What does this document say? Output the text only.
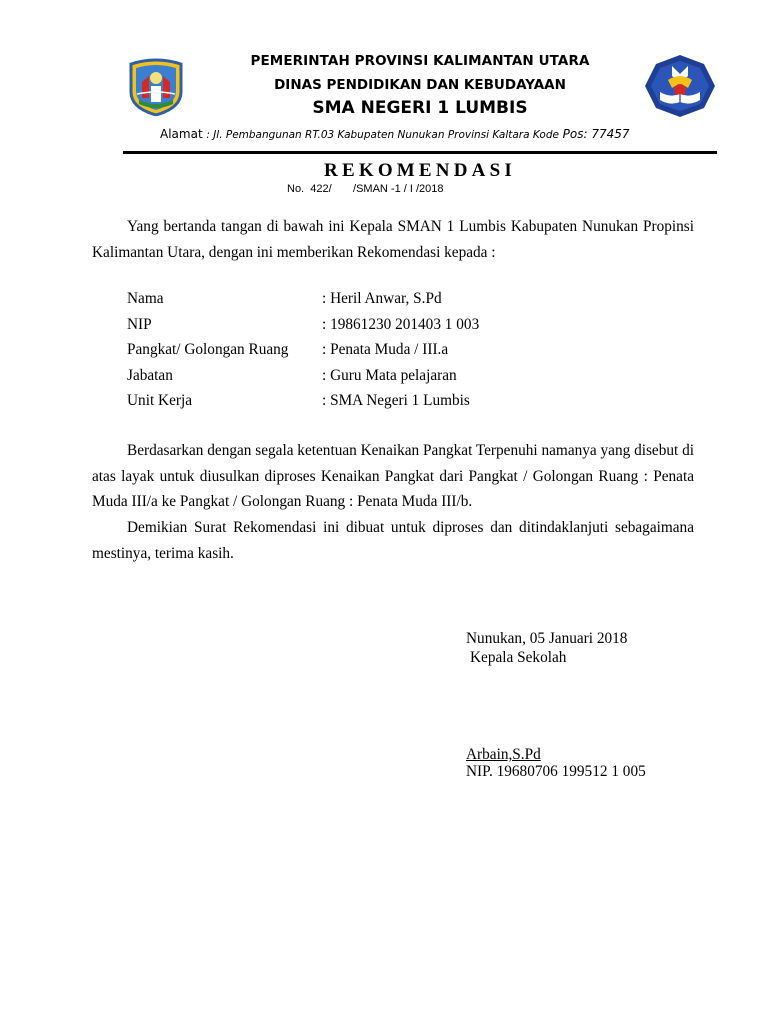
PEMERINTAH PROVINSI KALIMANTAN UTARA
DINAS PENDIDIKAN DAN KEBUDAYAAN
SMA NEGERI 1 LUMBIS
Alamat : Jl. Pembangunan RT.03 Kabupaten Nunukan Provinsi Kaltara Kode Pos: 77457
REKOMENDASI
No.  422/       /SMAN -1 / I /2018
Yang bertanda tangan di bawah ini Kepala SMAN 1 Lumbis Kabupaten Nunukan Propinsi Kalimantan Utara, dengan ini memberikan Rekomendasi kepada :
Nama	: Heril Anwar, S.Pd
NIP	: 19861230 201403 1 003
Pangkat/ Golongan Ruang : Penata Muda / III.a
Jabatan	: Guru Mata pelajaran
Unit Kerja	: SMA Negeri 1 Lumbis
Berdasarkan dengan segala ketentuan Kenaikan Pangkat Terpenuhi namanya yang disebut di atas layak untuk diusulkan diproses Kenaikan Pangkat dari Pangkat / Golongan Ruang : Penata Muda III/a ke Pangkat / Golongan Ruang : Penata Muda III/b.
Demikian Surat Rekomendasi ini dibuat untuk diproses dan ditindaklanjuti sebagaimana mestinya, terima kasih.
Nunukan, 05 Januari 2018
Kepala Sekolah
Arbain,S.Pd
NIP. 19680706 199512 1 005
